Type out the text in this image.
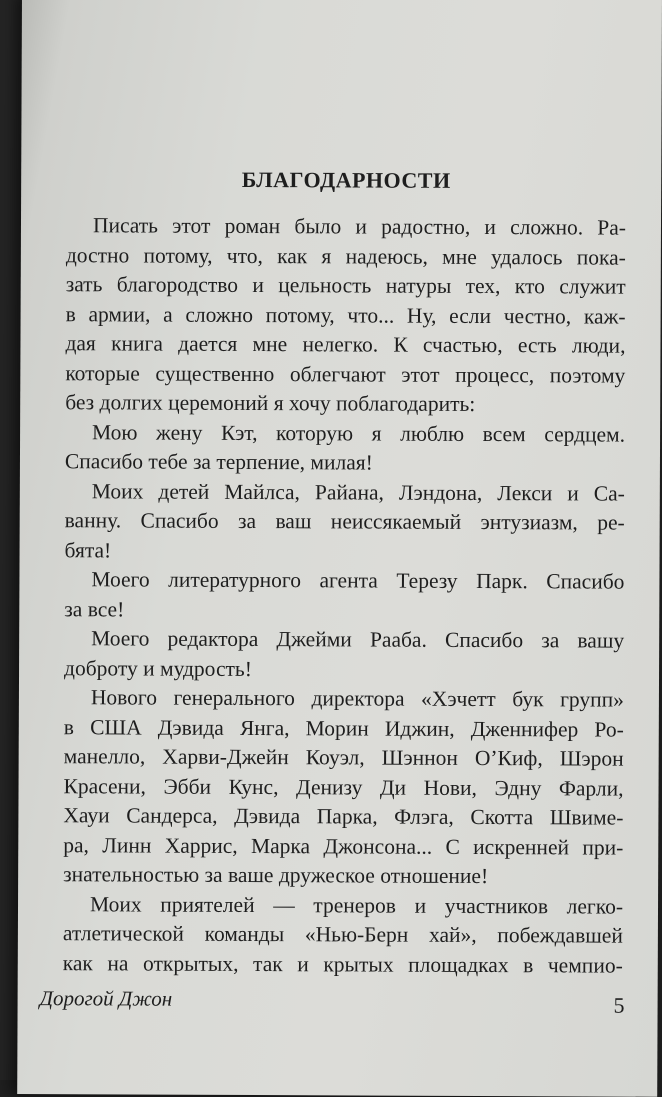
БЛАГОДАРНОСТИ
Писать этот роман было и радостно, и сложно. Ра-
достно потому, что, как я надеюсь, мне удалось пока-
зать благородство и цельность натуры тех, кто служит
в армии, а сложно потому, что... Ну, если честно, каж-
дая книга дается мне нелегко. К счастью, есть люди,
которые существенно облегчают этот процесс, поэтому
без долгих церемоний я хочу поблагодарить:
Мою жену Кэт, которую я люблю всем сердцем.
Спасибо тебе за терпение, милая!
Моих детей Майлса, Райана, Лэндона, Лекси и Са-
ванну. Спасибо за ваш неиссякаемый энтузиазм, ре-
бята!
Моего литературного агента Терезу Парк. Спасибо
за все!
Моего редактора Джейми Рааба. Спасибо за вашу
доброту и мудрость!
Нового генерального директора «Хэчетт бук групп»
в США Дэвида Янга, Морин Иджин, Дженнифер Ро-
манелло, Харви-Джейн Коуэл, Шэннон О’Киф, Шэрон
Красени, Эбби Кунс, Денизу Ди Нови, Эдну Фарли,
Хауи Сандерса, Дэвида Парка, Флэга, Скотта Швиме-
ра, Линн Харрис, Марка Джонсона... С искренней при-
знательностью за ваше дружеское отношение!
Моих приятелей — тренеров и участников легко-
атлетической команды «Нью-Берн хай», побеждавшей
как на открытых, так и крытых площадках в чемпио-
Дорогой Джон	5
